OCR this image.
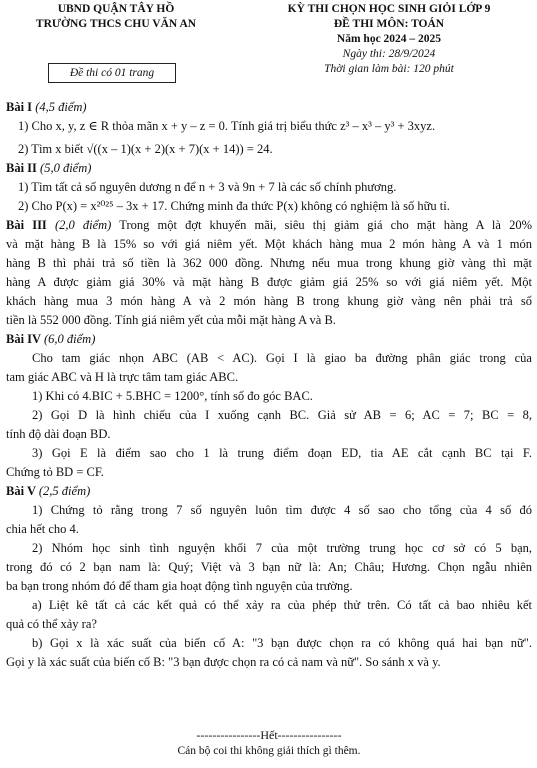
UBND QUẬN TÂY HỒ
TRƯỜNG THCS CHU VĂN AN
Đề thi có 01 trang
KỲ THI CHỌN HỌC SINH GIỎI LỚP 9
ĐỀ THI MÔN: TOÁN
Năm học 2024 – 2025
Ngày thi: 28/9/2024
Thời gian làm bài: 120 phút
Bài I (4,5 điểm)
1) Cho x, y, z ∈ R thỏa mãn x + y – z = 0. Tính giá trị biểu thức z³ – x³ – y³ + 3xyz.
2) Tìm x biết √((x – 1)(x + 2)(x + 7)(x + 14)) = 24.
Bài II (5,0 điểm)
1) Tìm tất cả số nguyên dương n để n + 3 và 9n + 7 là các số chính phương.
2) Cho P(x) = x²⁰²⁵ – 3x + 17. Chứng minh đa thức P(x) không có nghiệm là số hữu tỉ.
Bài III (2,0 điểm) Trong một đợt khuyến mãi, siêu thị giảm giá cho mặt hàng A là 20%
và mặt hàng B là 15% so với giá niêm yết. Một khách hàng mua 2 món hàng A và 1 món
hàng B thì phải trả số tiền là 362 000 đồng. Nhưng nếu mua trong khung giờ vàng thì mặt
hàng A được giảm giá 30% và mặt hàng B được giảm giá 25% so với giá niêm yết. Một
khách hàng mua 3 món hàng A và 2 món hàng B trong khung giờ vàng nên phải trả số
tiền là 552 000 đồng. Tính giá niêm yết của mỗi mặt hàng A và B.
Bài IV (6,0 điểm)
Cho tam giác nhọn ABC (AB < AC). Gọi I là giao ba đường phân giác trong của
tam giác ABC và H là trực tâm tam giác ABC.
1) Khi có 4.BIC + 5.BHC = 1200°, tính số đo góc BAC.
2) Gọi D là hình chiếu của I xuống cạnh BC. Giả sử AB = 6; AC = 7; BC = 8,
tính độ dài đoạn BD.
3) Gọi E là điểm sao cho 1 là trung điểm đoạn ED, tia AE cắt cạnh BC tại F.
Chứng tỏ BD = CF.
Bài V (2,5 điểm)
1) Chứng tỏ rằng trong 7 số nguyên luôn tìm được 4 số sao cho tổng của 4 số đó
chia hết cho 4.
2) Nhóm học sinh tình nguyện khối 7 của một trường trung học cơ sở có 5 bạn,
trong đó có 2 bạn nam là: Quý; Việt và 3 bạn nữ là: An; Châu; Hương. Chọn ngẫu nhiên
ba bạn trong nhóm đó để tham gia hoạt động tình nguyện của trường.
a) Liệt kê tất cả các kết quả có thể xảy ra của phép thử trên. Có tất cả bao nhiêu kết
quả có thể xảy ra?
b) Gọi x là xác suất của biến cố A: "3 bạn được chọn ra có không quá hai bạn nữ".
Gọi y là xác suất của biến cố B: "3 bạn được chọn ra có cả nam và nữ". So sánh x và y.
----------------Hết----------------
Cán bộ coi thi không giải thích gì thêm.
